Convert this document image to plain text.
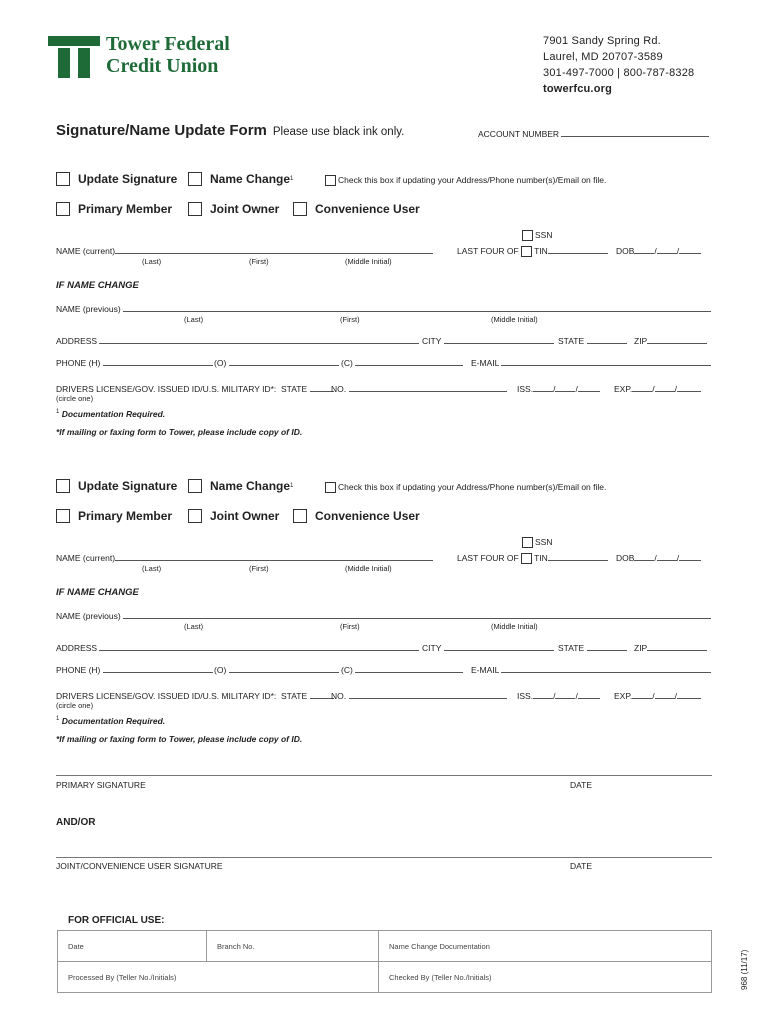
Tower Federal
Credit Union
7901 Sandy Spring Rd.
Laurel, MD 20707-3589
301-497-7000 | 800-787-8328
towerfcu.org
Signature/Name Update Form Please use black ink only.	ACCOUNT NUMBER
Update Signature	Name Change 1	Check this box if updating your Address/Phone number(s)/Email on file.
Primary Member	Joint Owner	Convenience User
SSN
NAME (current)	LAST FOUR OF TIN	DOB / /
(Last)	(First)	(Middle Initial)
IF NAME CHANGE
NAME (previous)
(Last)	(First)	(Middle Initial)
ADDRESS	CITY	STATE	ZIP
PHONE (H)	(O)	(C)	E-MAIL
DRIVERS LICENSE/GOV. ISSUED ID/U.S. MILITARY ID*: STATE	NO.	ISS. / /	EXP. / /
(circle one)
$^1$ Documentation Required.
*If mailing or faxing form to Tower, please include copy of ID.
Update Signature	Name Change 1	Check this box if updating your Address/Phone number(s)/Email on file.
Primary Member	Joint Owner	Convenience User
SSN
NAME (current)	LAST FOUR OF TIN	DOB / /
(Last)	(First)	(Middle Initial)
IF NAME CHANGE
NAME (previous)
(Last)	(First)	(Middle Initial)
ADDRESS	CITY	STATE	ZIP
PHONE (H)	(O)	(C)	E-MAIL
DRIVERS LICENSE/GOV. ISSUED ID/U.S. MILITARY ID*: STATE	NO.	ISS. / /	EXP. / /
(circle one)
$^1$ Documentation Required.
*If mailing or faxing form to Tower, please include copy of ID.
PRIMARY SIGNATURE	DATE
AND/OR
JOINT/CONVENIENCE USER SIGNATURE	DATE
FOR OFFICIAL USE:
Date	Branch No.	Name Change Documentation
Processed By (Teller No./Initials)		Checked By (Teller No./Initials)	968 (11/17)
